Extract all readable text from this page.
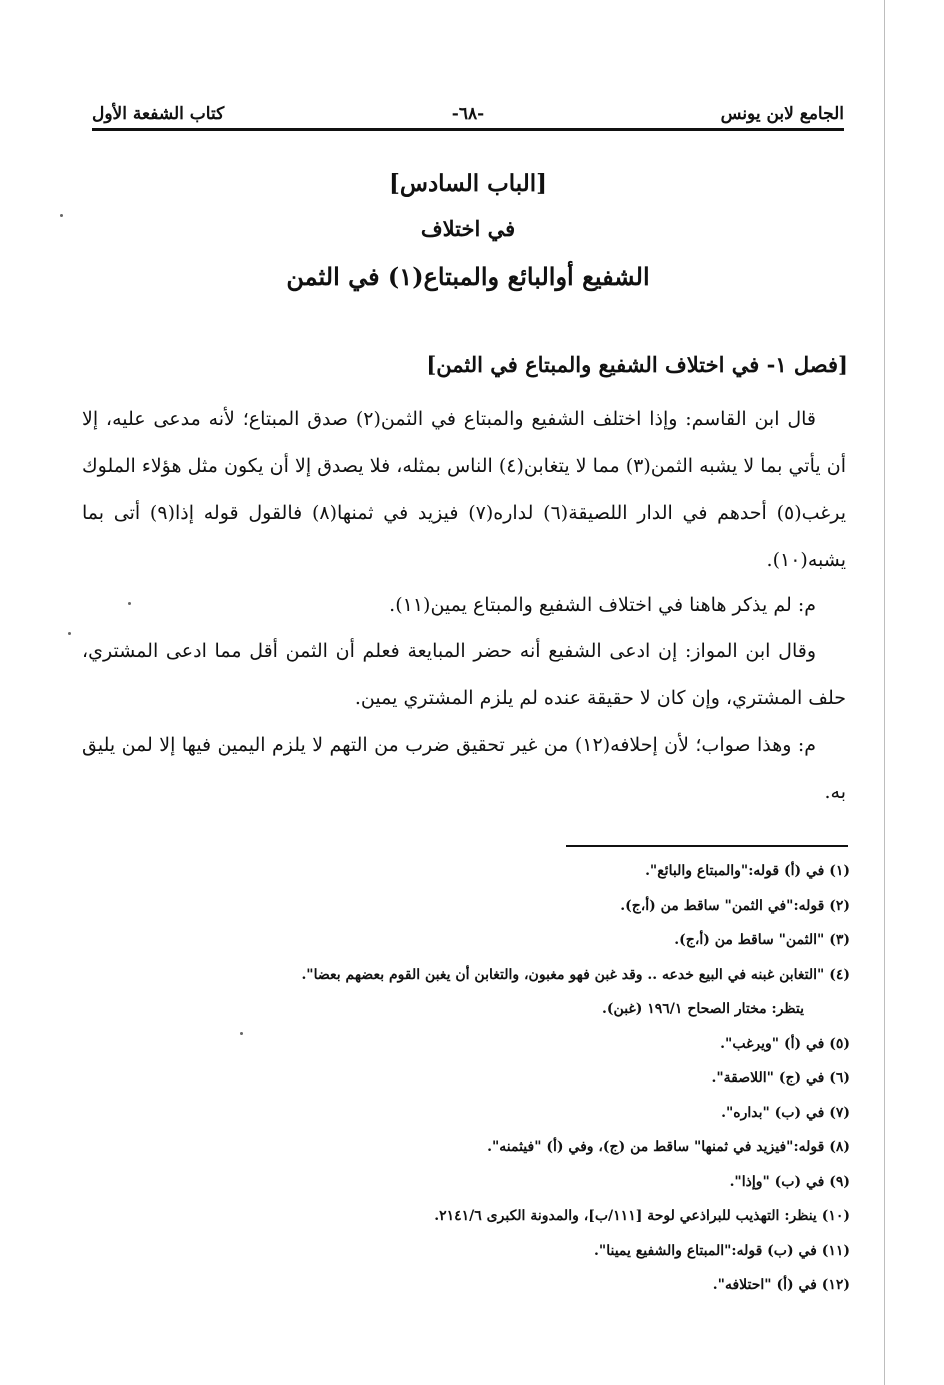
الجامع لابن يونس
-٦٨-
كتاب الشفعة الأول
[الباب السادس]
في اختلاف
الشفيع أوالبائع والمبتاع(١) في الثمن
[فصل ١- في اختلاف الشفيع والمبتاع في الثمن]

قال ابن القاسم: وإذا اختلف الشفيع والمبتاع في الثمن(٢) صدق المبتاع؛ لأنه مدعى عليه، إلا أن يأتي بما لا يشبه الثمن(٣) مما لا يتغابن(٤) الناس بمثله، فلا يصدق إلا أن يكون مثل هؤلاء الملوك يرغب(٥) أحدهم في الدار اللصيقة(٦) لداره(٧) فيزيد في ثمنها(٨) فالقول قوله إذا(٩) أتى بما يشبه(١٠).

م: لم يذكر هاهنا في اختلاف الشفيع والمبتاع يمين(١١).

وقال ابن المواز: إن ادعى الشفيع أنه حضر المبايعة فعلم أن الثمن أقل مما ادعى المشتري، حلف المشتري، وإن كان لا حقيقة عنده لم يلزم المشتري يمين.

م: وهذا صواب؛ لأن إحلافه(١٢) من غير تحقيق ضرب من التهم لا يلزم اليمين فيها إلا لمن يليق به.

(١) في (أ) قوله:"والمبتاع والبائع".
(٢) قوله:"في الثمن" ساقط من (أ،ج).
(٣) "الثمن" ساقط من (أ،ج).
(٤) "التغابن غبنه في البيع خدعه .. وقد غبن فهو مغبون، والتغابن أن يغبن القوم بعضهم بعضا".
يتظر: مختار الصحاح ١٩٦/١ (غبن).
(٥) في (أ) "ويرغب".
(٦) في (ج) "اللاصقة".
(٧) في (ب) "بداره".
(٨) قوله:"فيزيد في ثمنها" ساقط من (ج)، وفي (أ) "فيثمنه".
(٩) في (ب) "وإذا".
(١٠) ينظر: التهذيب للبراذعي لوحة [١١١/ب]، والمدونة الكبرى ٢١٤١/٦.
(١١) في (ب) قوله:"المبتاع والشفيع يمينا".
(١٢) في (أ) "احتلافه".
